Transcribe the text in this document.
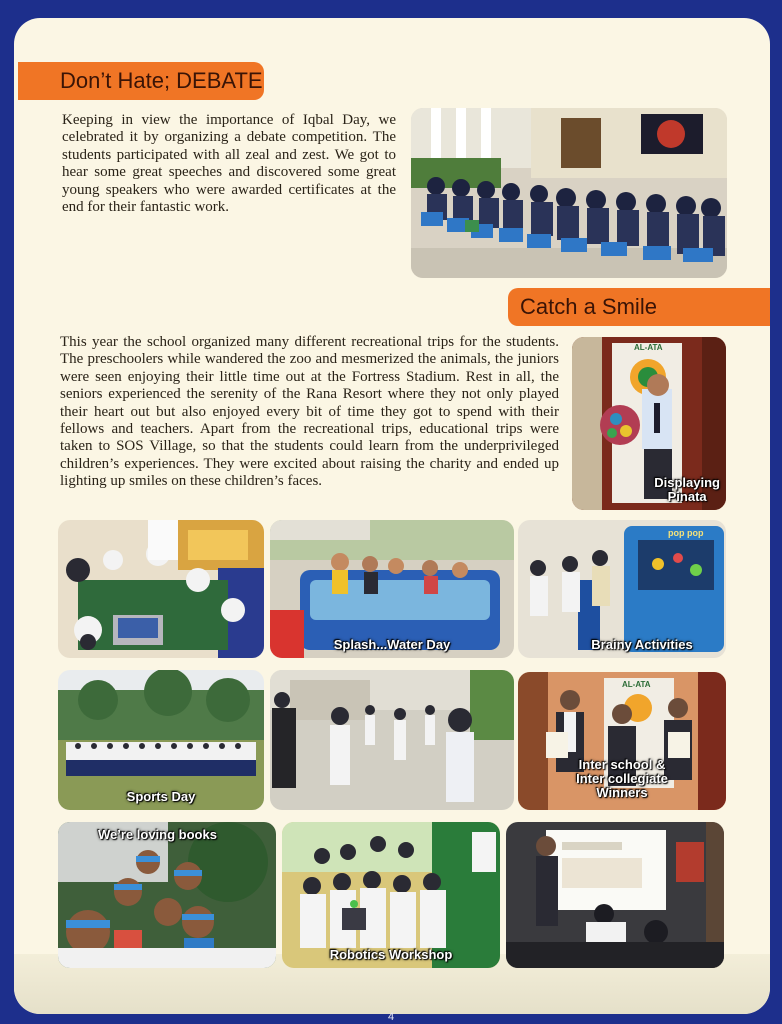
Don’t Hate; DEBATE

Keeping in view the importance of Iqbal Day, we celebrated it by organizing a debate competition. The students participated with all zeal and zest. We got to hear some great speeches and discovered some great young speakers who were awarded certificates at the end for their fantastic work.

Catch a Smile

This year the school organized many different recreational trips for the students. The preschoolers while wandered the zoo and mesmerized the animals, the juniors were seen enjoying their little time out at the Fortress Stadium. Rest in all, the seniors experienced the serenity of the Rana Resort where they not only played their heart out but also enjoyed every bit of time they got to spend with their fellows and teachers. Apart from the recreational trips, educational trips were taken to SOS Village, so that the students could learn from the underprivileged children’s experiences. They were excited about raising the charity and ended up lighting up smiles on these children’s faces.

AL-ATA
Displaying
Pinata
Splash...Water Day
pop pop
Brainy Activities
Sports Day
AL-ATA
Inter school &
Inter collegiate
Winners
We’re loving books
Robotics Workshop
4
